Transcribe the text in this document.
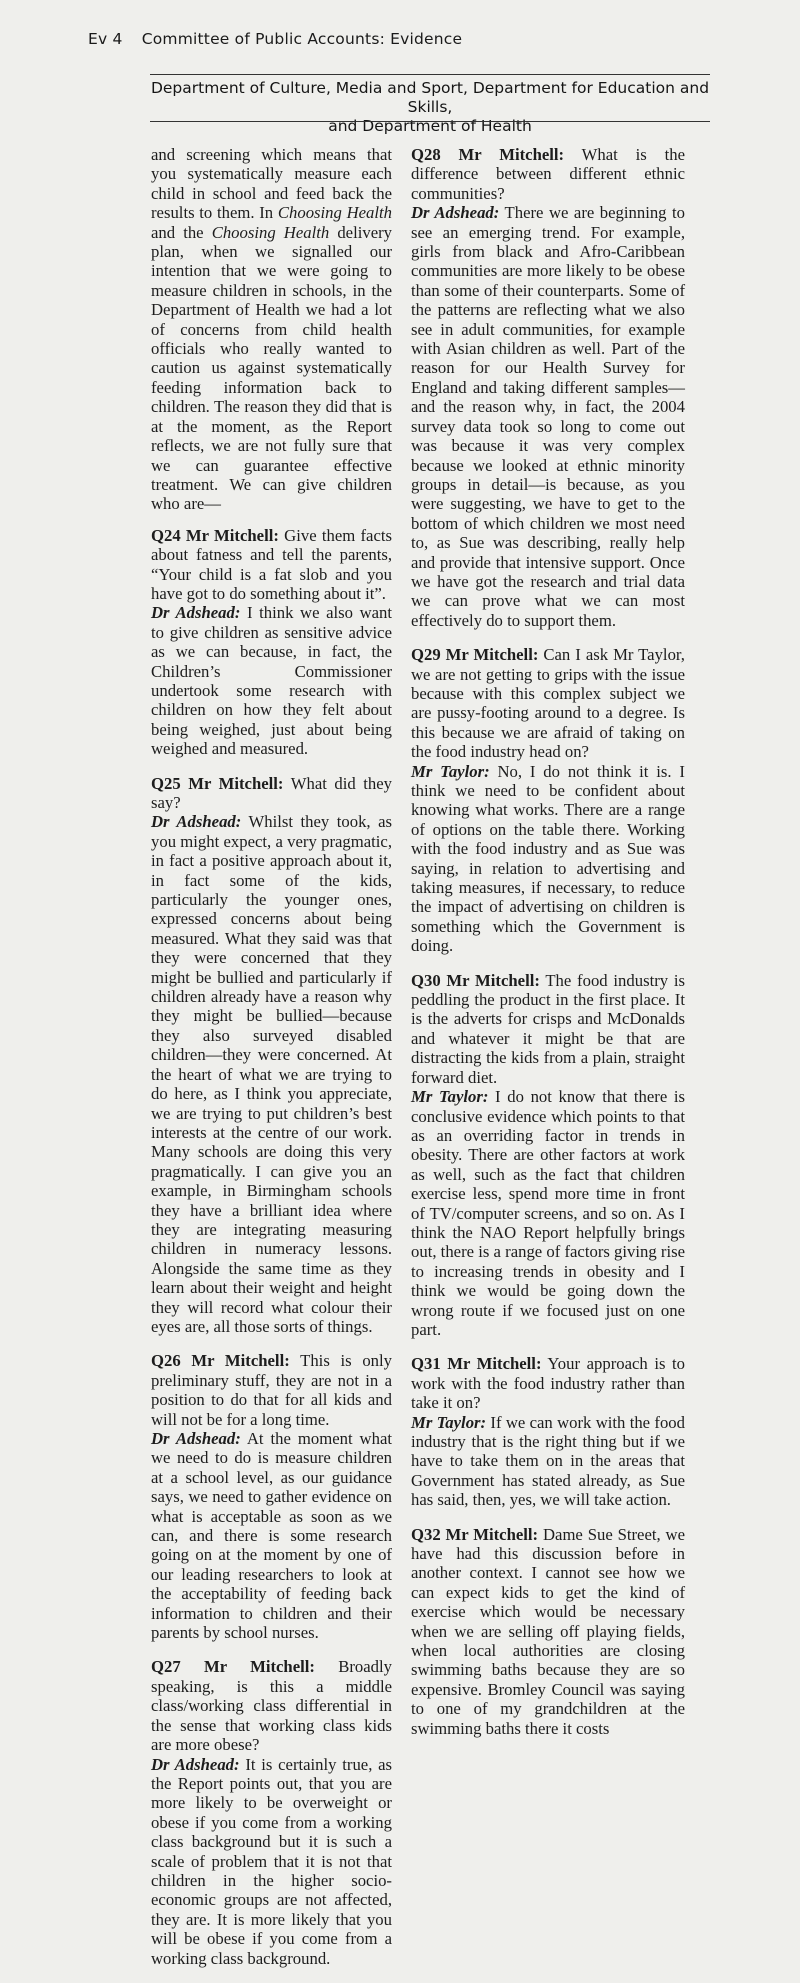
Ev 4 Committee of Public Accounts: Evidence
Department of Culture, Media and Sport, Department for Education and Skills,
and Department of Health

and screening which means that you systematically measure each child in school and feed back the results to them. In Choosing Health and the Choosing Health delivery plan, when we signalled our intention that we were going to measure children in schools, in the Department of Health we had a lot of concerns from child health officials who really wanted to caution us against systematically feeding information back to children. The reason they did that is at the moment, as the Report reflects, we are not fully sure that we can guarantee effective treatment. We can give children who are—

Q24 Mr Mitchell: Give them facts about fatness and tell the parents, “Your child is a fat slob and you have got to do something about it”.
Dr Adshead: I think we also want to give children as sensitive advice as we can because, in fact, the Children’s Commissioner undertook some research with children on how they felt about being weighed, just about being weighed and measured.

Q25 Mr Mitchell: What did they say?
Dr Adshead: Whilst they took, as you might expect, a very pragmatic, in fact a positive approach about it, in fact some of the kids, particularly the younger ones, expressed concerns about being measured. What they said was that they were concerned that they might be bullied and particularly if children already have a reason why they might be bullied—because they also surveyed disabled children—they were concerned. At the heart of what we are trying to do here, as I think you appreciate, we are trying to put children’s best interests at the centre of our work. Many schools are doing this very pragmatically. I can give you an example, in Birmingham schools they have a brilliant idea where they are integrating measuring children in numeracy lessons. Alongside the same time as they learn about their weight and height they will record what colour their eyes are, all those sorts of things.

Q26 Mr Mitchell: This is only preliminary stuff, they are not in a position to do that for all kids and will not be for a long time.
Dr Adshead: At the moment what we need to do is measure children at a school level, as our guidance says, we need to gather evidence on what is acceptable as soon as we can, and there is some research going on at the moment by one of our leading researchers to look at the acceptability of feeding back information to children and their parents by school nurses.

Q27 Mr Mitchell: Broadly speaking, is this a middle class/working class differential in the sense that working class kids are more obese?
Dr Adshead: It is certainly true, as the Report points out, that you are more likely to be overweight or obese if you come from a working class background but it is such a scale of problem that it is not that children in the higher socio-economic groups are not affected, they are. It is more likely that you will be obese if you come from a working class background.

Q28 Mr Mitchell: What is the difference between different ethnic communities?
Dr Adshead: There we are beginning to see an emerging trend. For example, girls from black and Afro-Caribbean communities are more likely to be obese than some of their counterparts. Some of the patterns are reflecting what we also see in adult communities, for example with Asian children as well. Part of the reason for our Health Survey for England and taking different samples—and the reason why, in fact, the 2004 survey data took so long to come out was because it was very complex because we looked at ethnic minority groups in detail—is because, as you were suggesting, we have to get to the bottom of which children we most need to, as Sue was describing, really help and provide that intensive support. Once we have got the research and trial data we can prove what we can most effectively do to support them.

Q29 Mr Mitchell: Can I ask Mr Taylor, we are not getting to grips with the issue because with this complex subject we are pussy-footing around to a degree. Is this because we are afraid of taking on the food industry head on?
Mr Taylor: No, I do not think it is. I think we need to be confident about knowing what works. There are a range of options on the table there. Working with the food industry and as Sue was saying, in relation to advertising and taking measures, if necessary, to reduce the impact of advertising on children is something which the Government is doing.

Q30 Mr Mitchell: The food industry is peddling the product in the first place. It is the adverts for crisps and McDonalds and whatever it might be that are distracting the kids from a plain, straight forward diet.
Mr Taylor: I do not know that there is conclusive evidence which points to that as an overriding factor in trends in obesity. There are other factors at work as well, such as the fact that children exercise less, spend more time in front of TV/computer screens, and so on. As I think the NAO Report helpfully brings out, there is a range of factors giving rise to increasing trends in obesity and I think we would be going down the wrong route if we focused just on one part.

Q31 Mr Mitchell: Your approach is to work with the food industry rather than take it on?
Mr Taylor: If we can work with the food industry that is the right thing but if we have to take them on in the areas that Government has stated already, as Sue has said, then, yes, we will take action.

Q32 Mr Mitchell: Dame Sue Street, we have had this discussion before in another context. I cannot see how we can expect kids to get the kind of exercise which would be necessary when we are selling off playing fields, when local authorities are closing swimming baths because they are so expensive. Bromley Council was saying to one of my grandchildren at the swimming baths there it costs
